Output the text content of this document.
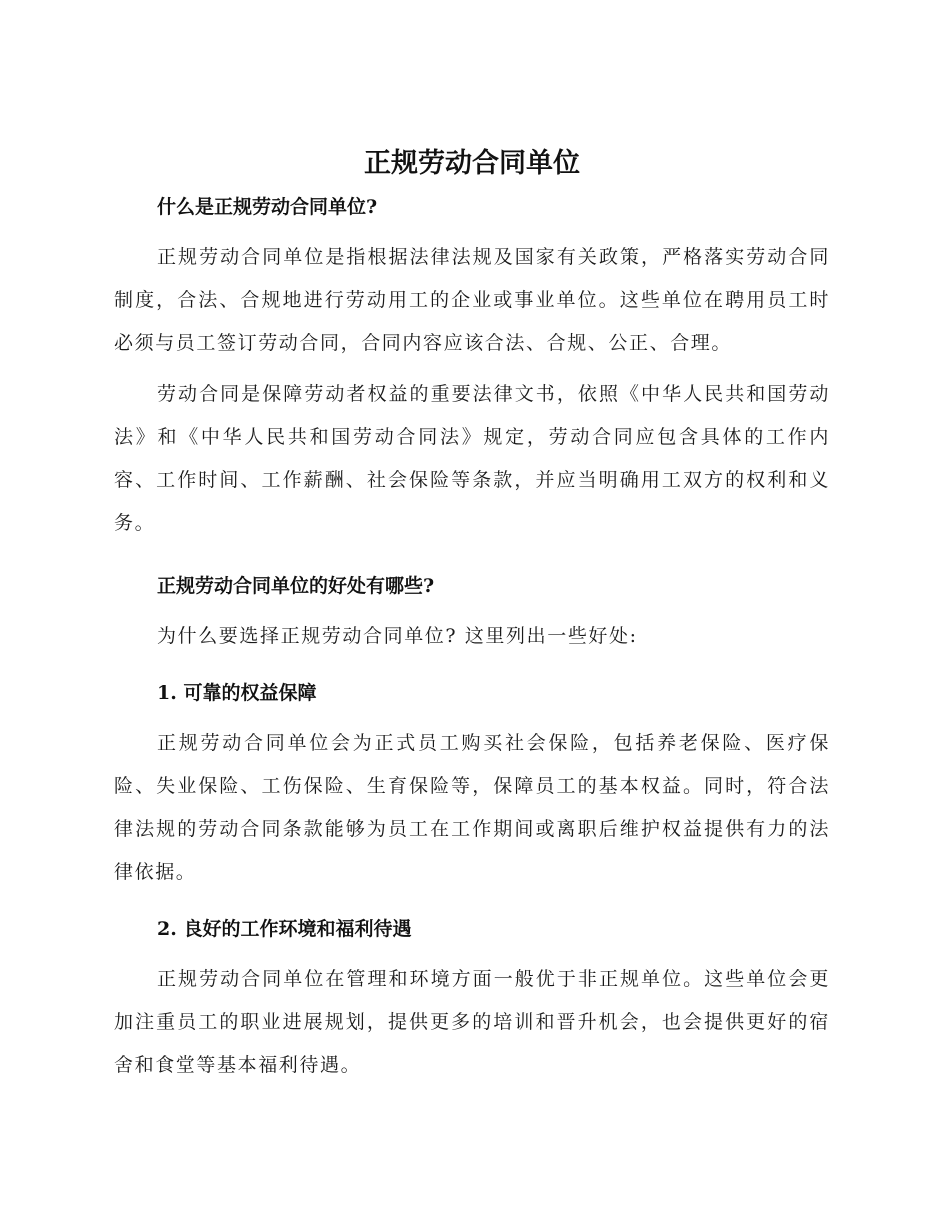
正规劳动合同单位
什么是正规劳动合同单位?

正规劳动合同单位是指根据法律法规及国家有关政策，严格落实劳动合同制度，合法、合规地进行劳动用工的企业或事业单位。这些单位在聘用员工时必须与员工签订劳动合同，合同内容应该合法、合规、公正、合理。

劳动合同是保障劳动者权益的重要法律文书，依照《中华人民共和国劳动法》和《中华人民共和国劳动合同法》规定，劳动合同应包含具体的工作内容、工作时间、工作薪酬、社会保险等条款，并应当明确用工双方的权利和义务。

正规劳动合同单位的好处有哪些?

为什么要选择正规劳动合同单位? 这里列出一些好处:

1. 可靠的权益保障

正规劳动合同单位会为正式员工购买社会保险，包括养老保险、医疗保险、失业保险、工伤保险、生育保险等，保障员工的基本权益。同时，符合法律法规的劳动合同条款能够为员工在工作期间或离职后维护权益提供有力的法律依据。

2. 良好的工作环境和福利待遇

正规劳动合同单位在管理和环境方面一般优于非正规单位。这些单位会更加注重员工的职业进展规划，提供更多的培训和晋升机会，也会提供更好的宿舍和食堂等基本福利待遇。
